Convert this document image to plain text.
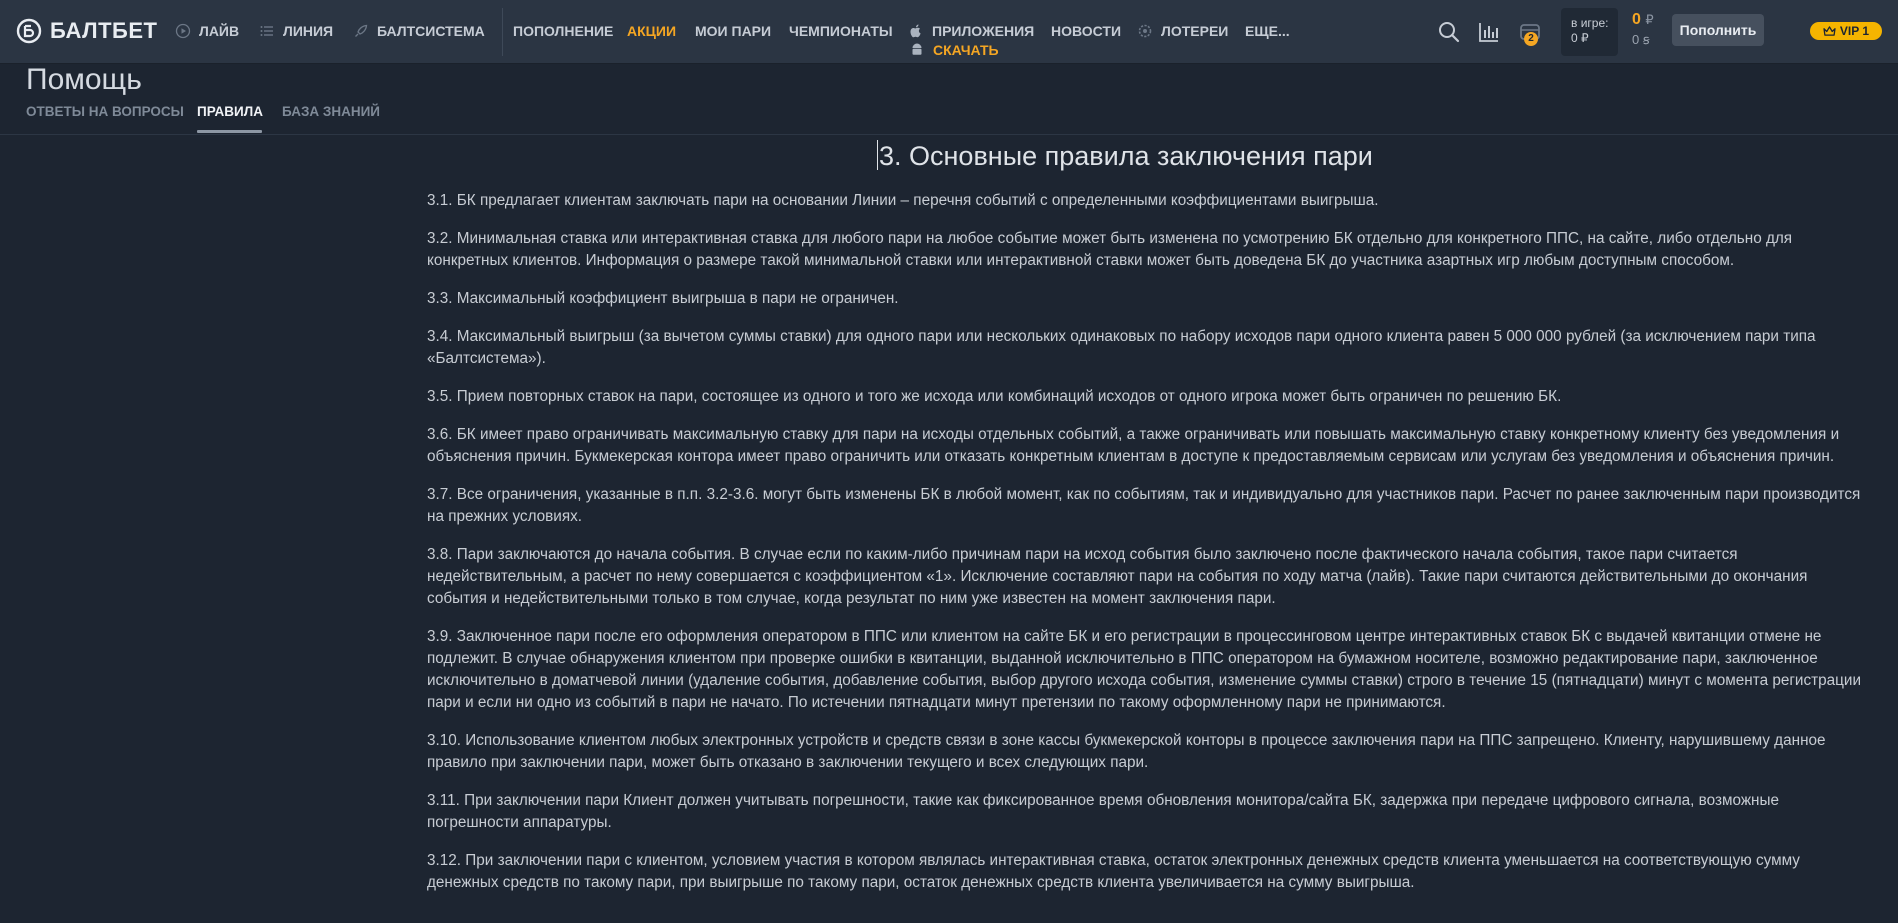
БАЛТБЕТ	ЛАЙВ	ЛИНИЯ	БАЛТСИСТЕМА ПОПОЛНЕНИЕ АКЦИИ МОИ ПАРИ ЧЕМПИОНАТЫ	ПРИЛОЖЕНИЯ
СКАЧАТЬ
НОВОСТИ	ЛОТЕРЕИ ЕЩЕ...	2
в игре:
0 ₽
0 ₽
0 ꞩ
Пополнить	VIP 1
Помощь
ОТВЕТЫ НА ВОПРОСЫ ПРАВИЛА БАЗА ЗНАНИЙ
3. Основные правила заключения пари

3.1. БК предлагает клиентам заключать пари на основании Линии – перечня событий с определенными коэффициентами выигрыша.

3.2. Минимальная ставка или интерактивная ставка для любого пари на любое событие может быть изменена по усмотрению БК отдельно для конкретного ППС, на сайте, либо отдельно для конкретных клиентов. Информация о размере такой минимальной ставки или интерактивной ставки может быть доведена БК до участника азартных игр любым доступным способом.

3.3. Максимальный коэффициент выигрыша в пари не ограничен.

3.4. Максимальный выигрыш (за вычетом суммы ставки) для одного пари или нескольких одинаковых по набору исходов пари одного клиента равен 5 000 000 рублей (за исключением пари типа «Балтсистема»).

3.5. Прием повторных ставок на пари, состоящее из одного и того же исхода или комбинаций исходов от одного игрока может быть ограничен по решению БК.

3.6. БК имеет право ограничивать максимальную ставку для пари на исходы отдельных событий, а также ограничивать или повышать максимальную ставку конкретному клиенту без уведомления и объяснения причин. Букмекерская контора имеет право ограничить или отказать конкретным клиентам в доступе к предоставляемым сервисам или услугам без уведомления и объяснения причин.

3.7. Все ограничения, указанные в п.п. 3.2-3.6. могут быть изменены БК в любой момент, как по событиям, так и индивидуально для участников пари. Расчет по ранее заключенным пари производится на прежних условиях.

3.8. Пари заключаются до начала события. В случае если по каким-либо причинам пари на исход события было заключено после фактического начала события, такое пари считается недействительным, а расчет по нему совершается с коэффициентом «1». Исключение составляют пари на события по ходу матча (лайв). Такие пари считаются действительными до окончания события и недействительными только в том случае, когда результат по ним уже известен на момент заключения пари.

3.9. Заключенное пари после его оформления оператором в ППС или клиентом на сайте БК и его регистрации в процессинговом центре интерактивных ставок БК с выдачей квитанции отмене не подлежит. В случае обнаружения клиентом при проверке ошибки в квитанции, выданной исключительно в ППС оператором на бумажном носителе, возможно редактирование пари, заключенное исключительно в доматчевой линии (удаление события, добавление события, выбор другого исхода события, изменение суммы ставки) строго в течение 15 (пятнадцати) минут с момента регистрации пари и если ни одно из событий в пари не начато. По истечении пятнадцати минут претензии по такому оформленному пари не принимаются.

3.10. Использование клиентом любых электронных устройств и средств связи в зоне кассы букмекерской конторы в процессе заключения пари на ППС запрещено. Клиенту, нарушившему данное правило при заключении пари, может быть отказано в заключении текущего и всех следующих пари.

3.11. При заключении пари Клиент должен учитывать погрешности, такие как фиксированное время обновления монитора/сайта БК, задержка при передаче цифрового сигнала, возможные погрешности аппаратуры.

3.12. При заключении пари с клиентом, условием участия в котором являлась интерактивная ставка, остаток электронных денежных средств клиента уменьшается на соответствующую сумму денежных средств по такому пари, при выигрыше по такому пари, остаток денежных средств клиента увеличивается на сумму выигрыша.
